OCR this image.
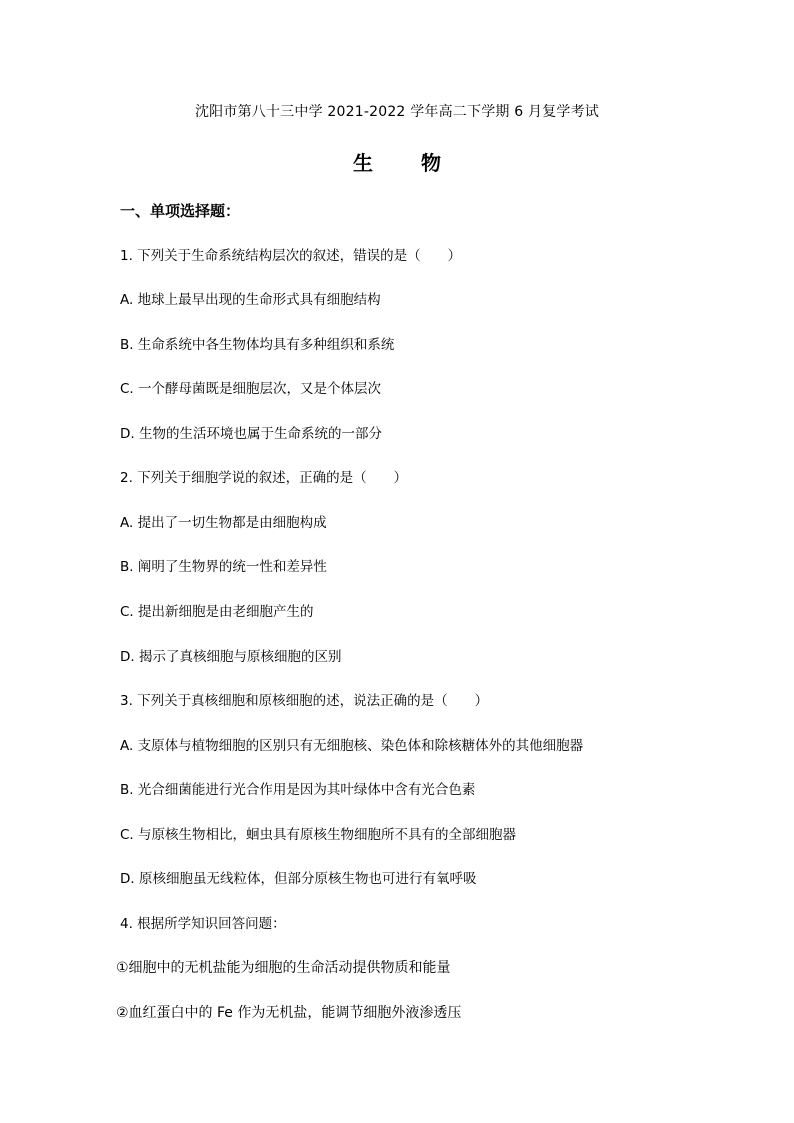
沈阳市第八十三中学 2021-2022 学年高二下学期 6 月复学考试
生 物
一、单项选择题：
1. 下列关于生命系统结构层次的叙述，错误的是（　　）
A. 地球上最早出现的生命形式具有细胞结构
B. 生命系统中各生物体均具有多种组织和系统
C. 一个酵母菌既是细胞层次，又是个体层次
D. 生物的生活环境也属于生命系统的一部分
2. 下列关于细胞学说的叙述，正确的是（　　）
A. 提出了一切生物都是由细胞构成
B. 阐明了生物界的统一性和差异性
C. 提出新细胞是由老细胞产生的
D. 揭示了真核细胞与原核细胞的区别
3. 下列关于真核细胞和原核细胞的述，说法正确的是（　　）
A. 支原体与植物细胞的区别只有无细胞核、染色体和除核糖体外的其他细胞器
B. 光合细菌能进行光合作用是因为其叶绿体中含有光合色素
C. 与原核生物相比，蛔虫具有原核生物细胞所不具有的全部细胞器
D. 原核细胞虽无线粒体，但部分原核生物也可进行有氧呼吸
4. 根据所学知识回答问题：
①细胞中的无机盐能为细胞的生命活动提供物质和能量
②血红蛋白中的 Fe 作为无机盐，能调节细胞外液渗透压
